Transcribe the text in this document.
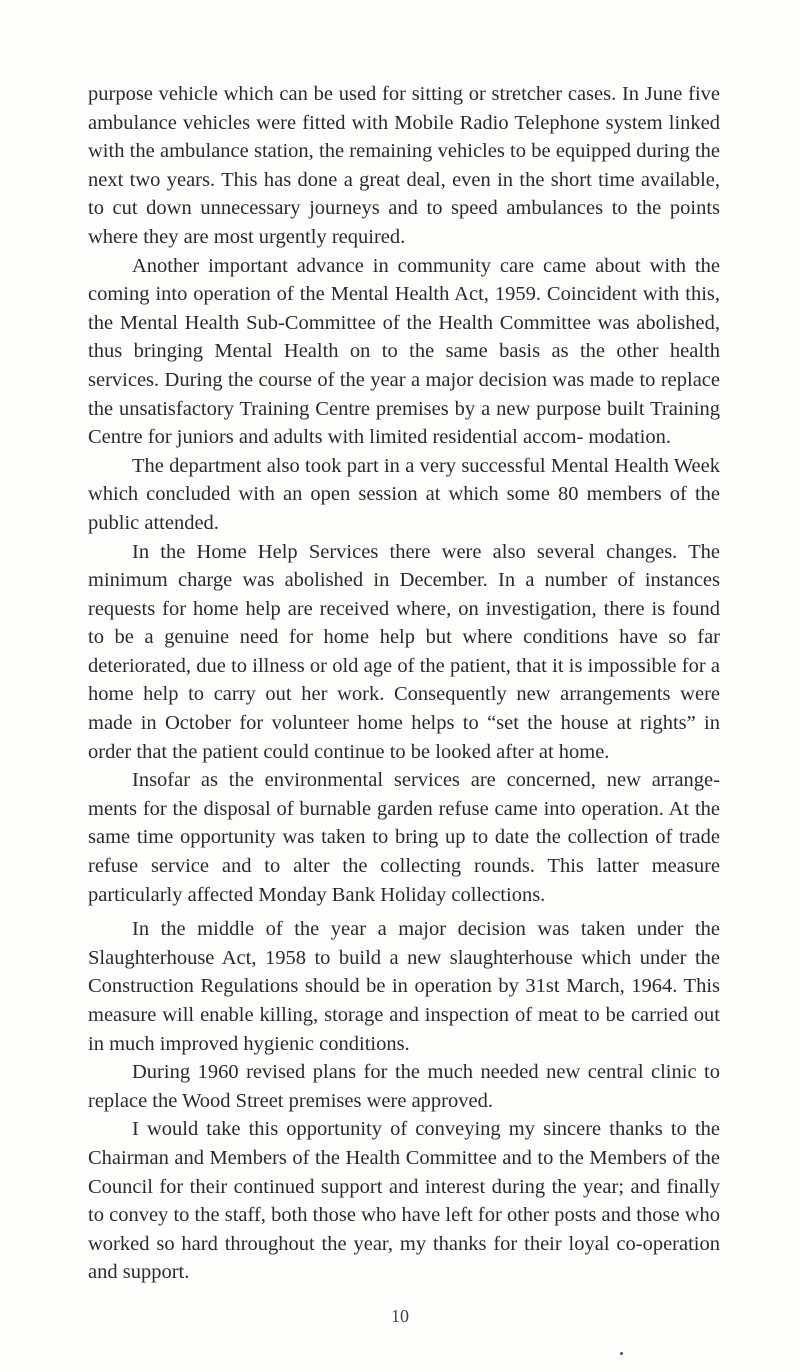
purpose vehicle which can be used for sitting or stretcher cases. In June five ambulance vehicles were fitted with Mobile Radio Telephone system linked with the ambulance station, the remaining vehicles to be equipped during the next two years. This has done a great deal, even in the short time available, to cut down unnecessary journeys and to speed ambulances to the points where they are most urgently required.

Another important advance in community care came about with the coming into operation of the Mental Health Act, 1959. Coincident with this, the Mental Health Sub-Committee of the Health Committee was abolished, thus bringing Mental Health on to the same basis as the other health services. During the course of the year a major decision was made to replace the unsatisfactory Training Centre premises by a new purpose built Training Centre for juniors and adults with limited residential accom- modation.

The department also took part in a very successful Mental Health Week which concluded with an open session at which some 80 members of the public attended.

In the Home Help Services there were also several changes. The minimum charge was abolished in December. In a number of instances requests for home help are received where, on investigation, there is found to be a genuine need for home help but where conditions have so far deteriorated, due to illness or old age of the patient, that it is impossible for a home help to carry out her work. Consequently new arrangements were made in October for volunteer home helps to “set the house at rights” in order that the patient could continue to be looked after at home.

Insofar as the environmental services are concerned, new arrange- ments for the disposal of burnable garden refuse came into operation. At the same time opportunity was taken to bring up to date the collection of trade refuse service and to alter the collecting rounds. This latter measure particularly affected Monday Bank Holiday collections.

In the middle of the year a major decision was taken under the Slaughterhouse Act, 1958 to build a new slaughterhouse which under the Construction Regulations should be in operation by 31st March, 1964. This measure will enable killing, storage and inspection of meat to be carried out in much improved hygienic conditions.

During 1960 revised plans for the much needed new central clinic to replace the Wood Street premises were approved.

I would take this opportunity of conveying my sincere thanks to the Chairman and Members of the Health Committee and to the Members of the Council for their continued support and interest during the year; and finally to convey to the staff, both those who have left for other posts and those who worked so hard throughout the year, my thanks for their loyal co-operation and support.

10
